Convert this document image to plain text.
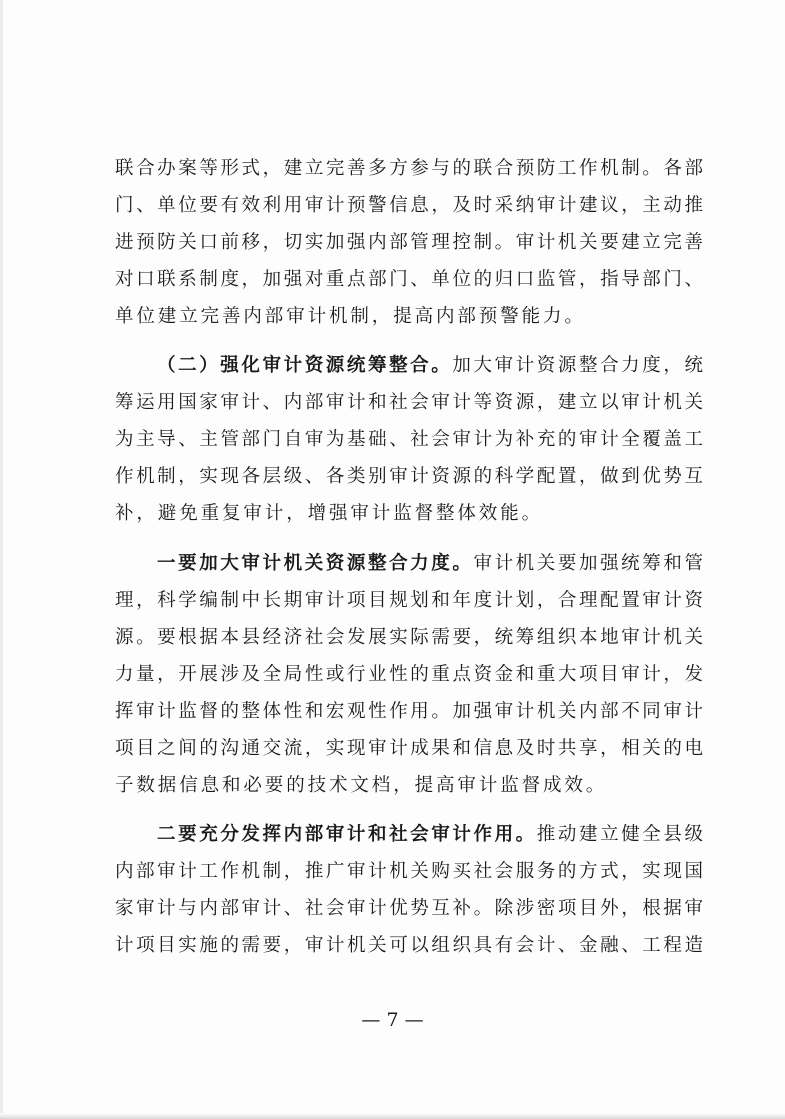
联合办案等形式，建立完善多方参与的联合预防工作机制。各部
门、单位要有效利用审计预警信息，及时采纳审计建议，主动推
进预防关口前移，切实加强内部管理控制。审计机关要建立完善
对口联系制度，加强对重点部门、单位的归口监管，指导部门、
单位建立完善内部审计机制，提高内部预警能力。
（二）强化审计资源统筹整合。加大审计资源整合力度，统
筹运用国家审计、内部审计和社会审计等资源，建立以审计机关
为主导、主管部门自审为基础、社会审计为补充的审计全覆盖工
作机制，实现各层级、各类别审计资源的科学配置，做到优势互
补，避免重复审计，增强审计监督整体效能。
一要加大审计机关资源整合力度。审计机关要加强统筹和管
理，科学编制中长期审计项目规划和年度计划，合理配置审计资
源。要根据本县经济社会发展实际需要，统筹组织本地审计机关
力量，开展涉及全局性或行业性的重点资金和重大项目审计，发
挥审计监督的整体性和宏观性作用。加强审计机关内部不同审计
项目之间的沟通交流，实现审计成果和信息及时共享，相关的电
子数据信息和必要的技术文档，提高审计监督成效。
二要充分发挥内部审计和社会审计作用。推动建立健全县级
内部审计工作机制，推广审计机关购买社会服务的方式，实现国
家审计与内部审计、社会审计优势互补。除涉密项目外，根据审
计项目实施的需要，审计机关可以组织具有会计、金融、工程造
— 7 —
